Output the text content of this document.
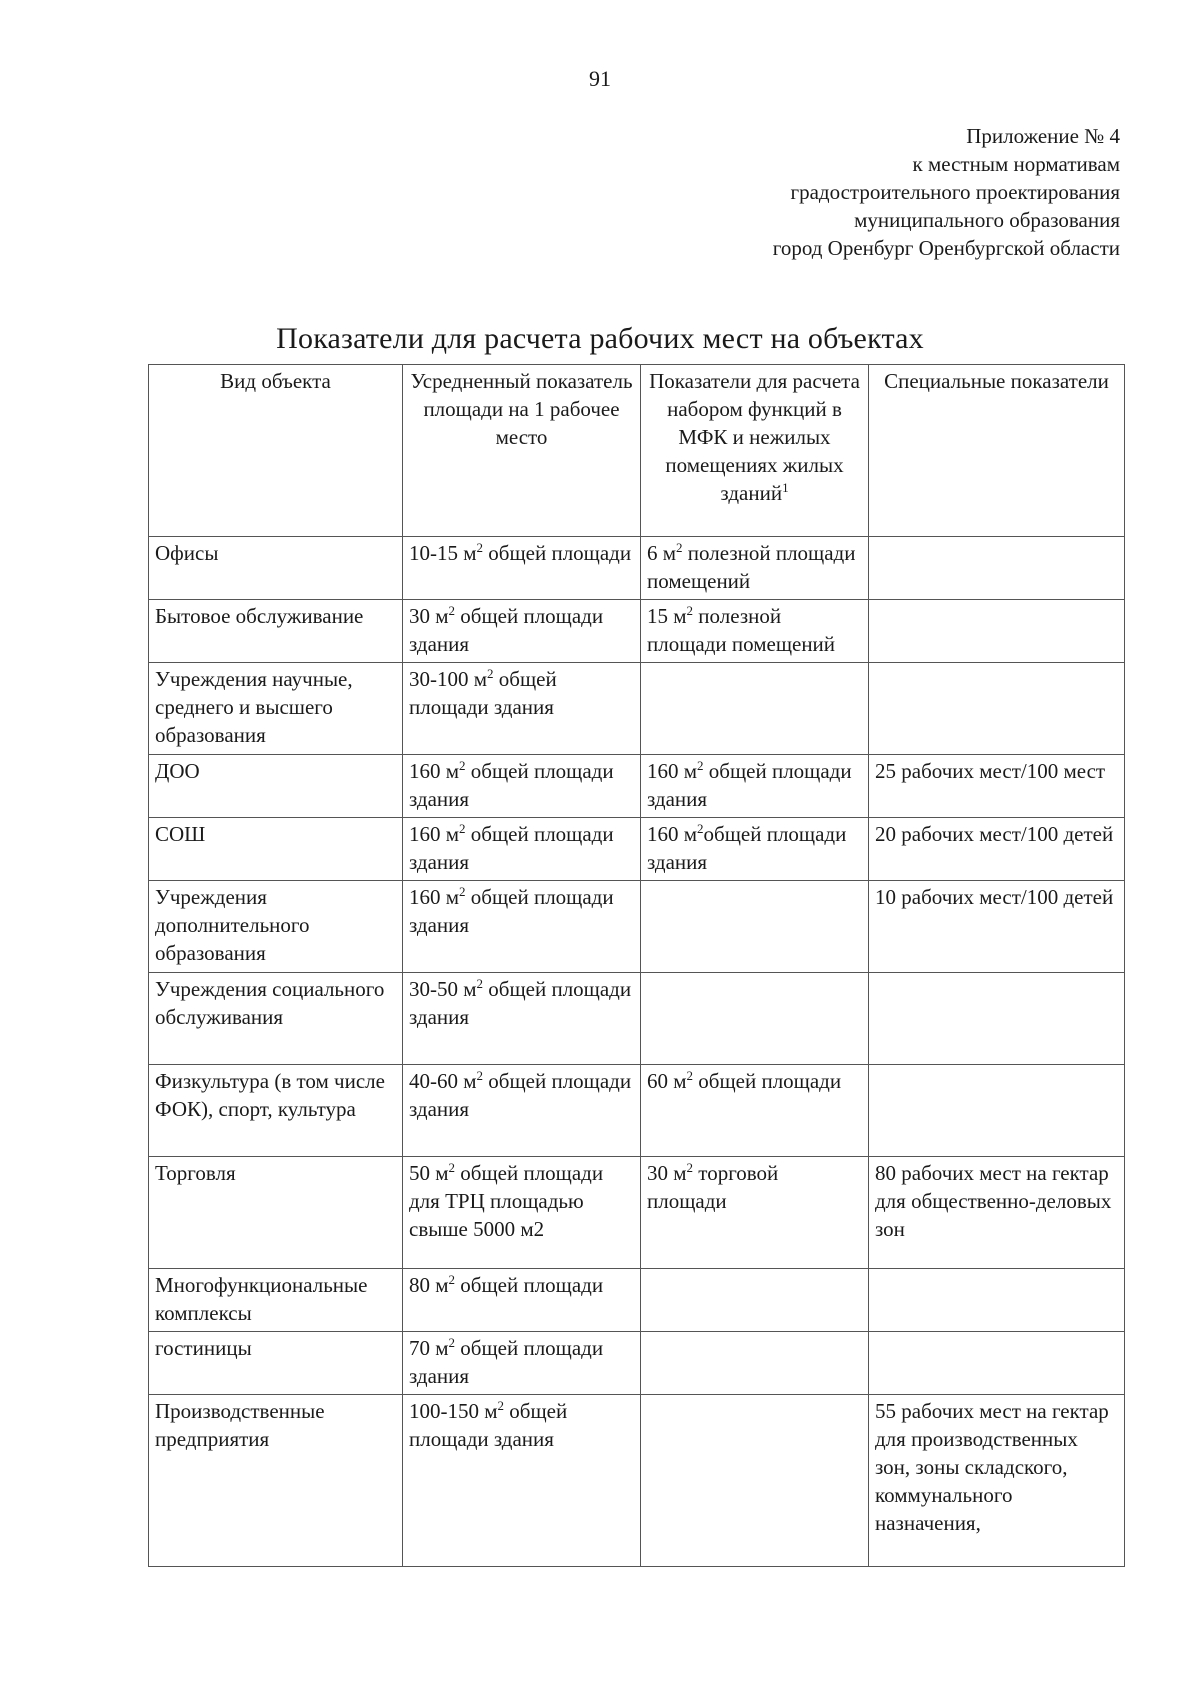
91
Приложение № 4
к местным нормативам
градостроительного проектирования
муниципального образования
город Оренбург Оренбургской области
Показатели для расчета рабочих мест на объектах
Вид объекта	Усредненный показатель площади на 1 рабочее место	Показатели для расчета набором функций в МФК и нежилых помещениях жилых зданий$^1$	Специальные показатели
Офисы	10-15 $м^2$ общей площади	6 $м^2$ полезной площади помещений	
Бытовое обслуживание	30 $м^2$ общей площади здания	15 $м^2$ полезной площади помещений	
Учреждения научные, среднего и высшего образования	30-100 $м^2$ общей площади здания		
ДОО	160 $м^2$ общей площади здания	160 $м^2$ общей площади здания	25 рабочих мест/100 мест
СОШ	160 $м^2$ общей площади здания	160 $м^2общей$ площади здания	20 рабочих мест/100 детей
Учреждения дополнительного образования	160 $м^2$ общей площади здания		10 рабочих мест/100 детей
Учреждения социального обслуживания	30-50 $м^2$ общей площади здания		
Физкультура (в том числе ФОК), спорт, культура	40-60 $м^2$ общей площади здания	60 $м^2$ общей площади	
Торговля	50 $м^2$ общей площади для ТРЦ площадью свыше 5000 м2	30 $м^2$ торговой площади	80 рабочих мест на гектар для общественно-деловых зон
Многофункциональные комплексы	80 $м^2$ общей площади		
гостиницы	70 $м^2$ общей площади здания		
Производственные предприятия	100-150 $м^2$ общей площади здания		55 рабочих мест на гектар для производственных зон, зоны складского, коммунального назначения,
